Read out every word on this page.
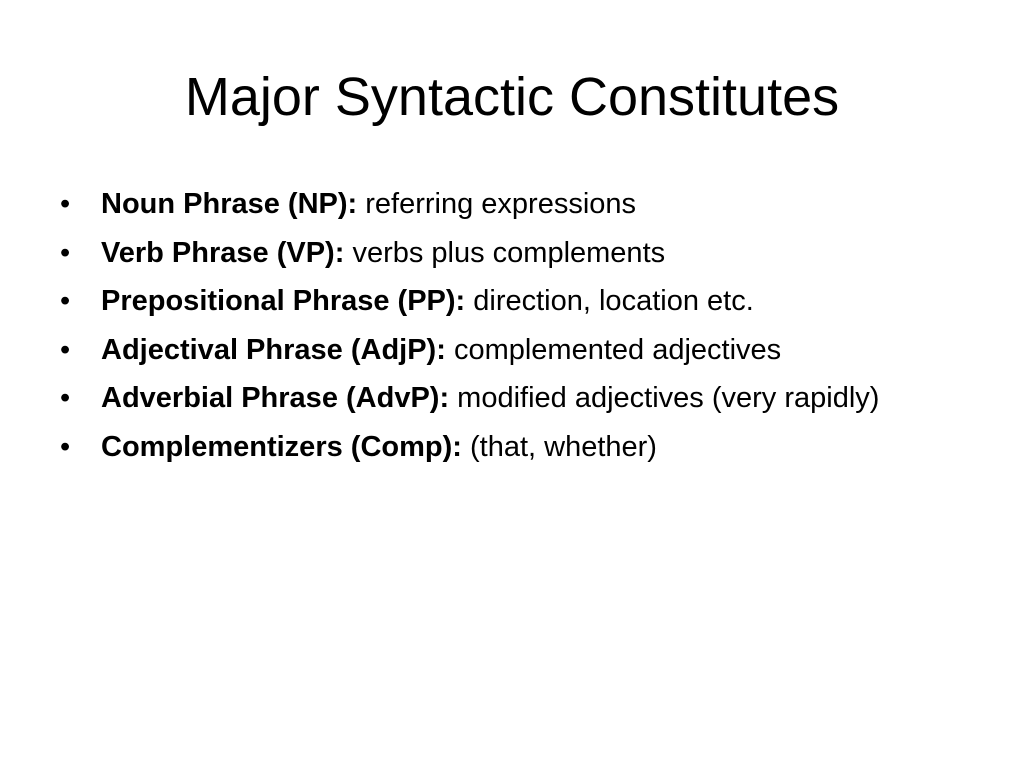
Major Syntactic Constitutes
•	Noun Phrase (NP): referring expressions
•	Verb Phrase (VP): verbs plus complements
•	Prepositional Phrase (PP): direction, location etc.
•	Adjectival Phrase (AdjP): complemented adjectives
•	Adverbial Phrase (AdvP): modified adjectives (very rapidly)
•	Complementizers (Comp): (that, whether)
